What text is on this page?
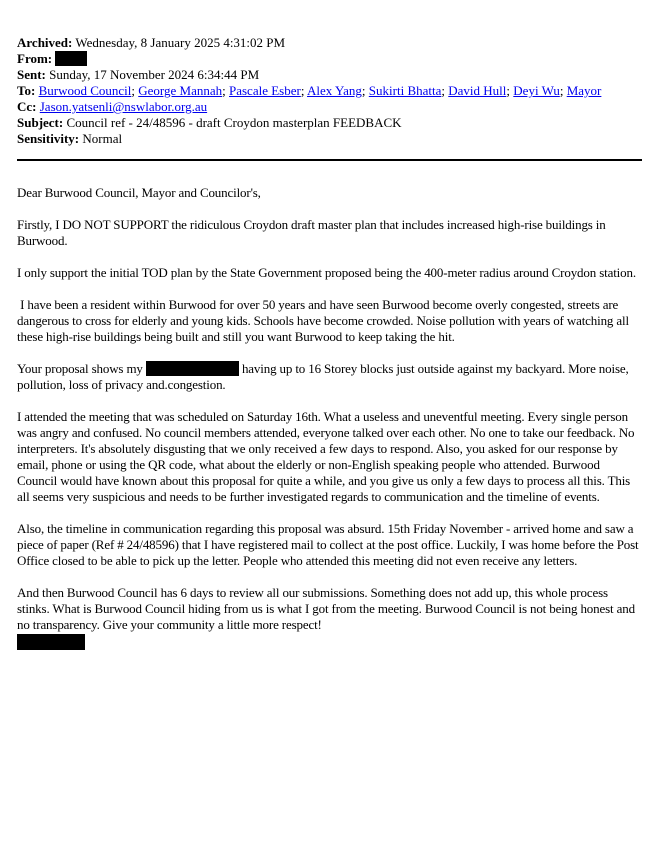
Archived: Wednesday, 8 January 2025 4:31:02 PM
From:
Sent: Sunday, 17 November 2024 6:34:44 PM
To: Burwood Council; George Mannah; Pascale Esber; Alex Yang; Sukirti Bhatta; David Hull; Deyi Wu; Mayor
Cc: Jason.yatsenli@nswlabor.org.au
Subject: Council ref - 24/48596 - draft Croydon masterplan FEEDBACK
Sensitivity: Normal

Dear Burwood Council, Mayor and Councilor's,

Firstly, I DO NOT SUPPORT the ridiculous Croydon draft master plan that includes increased high-rise buildings in Burwood.

I only support the initial TOD plan by the State Government proposed being the 400-meter radius around Croydon station.

I have been a resident within Burwood for over 50 years and have seen Burwood become overly congested, streets are dangerous to cross for elderly and young kids. Schools have become crowded. Noise pollution with years of watching all these high-rise buildings being built and still you want Burwood to keep taking the hit.

Your proposal shows my	having up to 16 Storey blocks just outside against my backyard. More noise, pollution, loss of privacy and.congestion.

I attended the meeting that was scheduled on Saturday 16th. What a useless and uneventful meeting. Every single person was angry and confused. No council members attended, everyone talked over each other. No one to take our feedback. No interpreters. It's absolutely disgusting that we only received a few days to respond. Also, you asked for our response by email, phone or using the QR code, what about the elderly or non-English speaking people who attended. Burwood Council would have known about this proposal for quite a while, and you give us only a few days to process all this. This all seems very suspicious and needs to be further investigated regards to communication and the timeline of events.

Also, the timeline in communication regarding this proposal was absurd. 15th Friday November - arrived home and saw a piece of paper (Ref # 24/48596) that I have registered mail to collect at the post office. Luckily, I was home before the Post Office closed to be able to pick up the letter. People who attended this meeting did not even receive any letters.

And then Burwood Council has 6 days to review all our submissions. Something does not add up, this whole process stinks. What is Burwood Council hiding from us is what I got from the meeting. Burwood Council is not being honest and no transparency. Give your community a little more respect!
